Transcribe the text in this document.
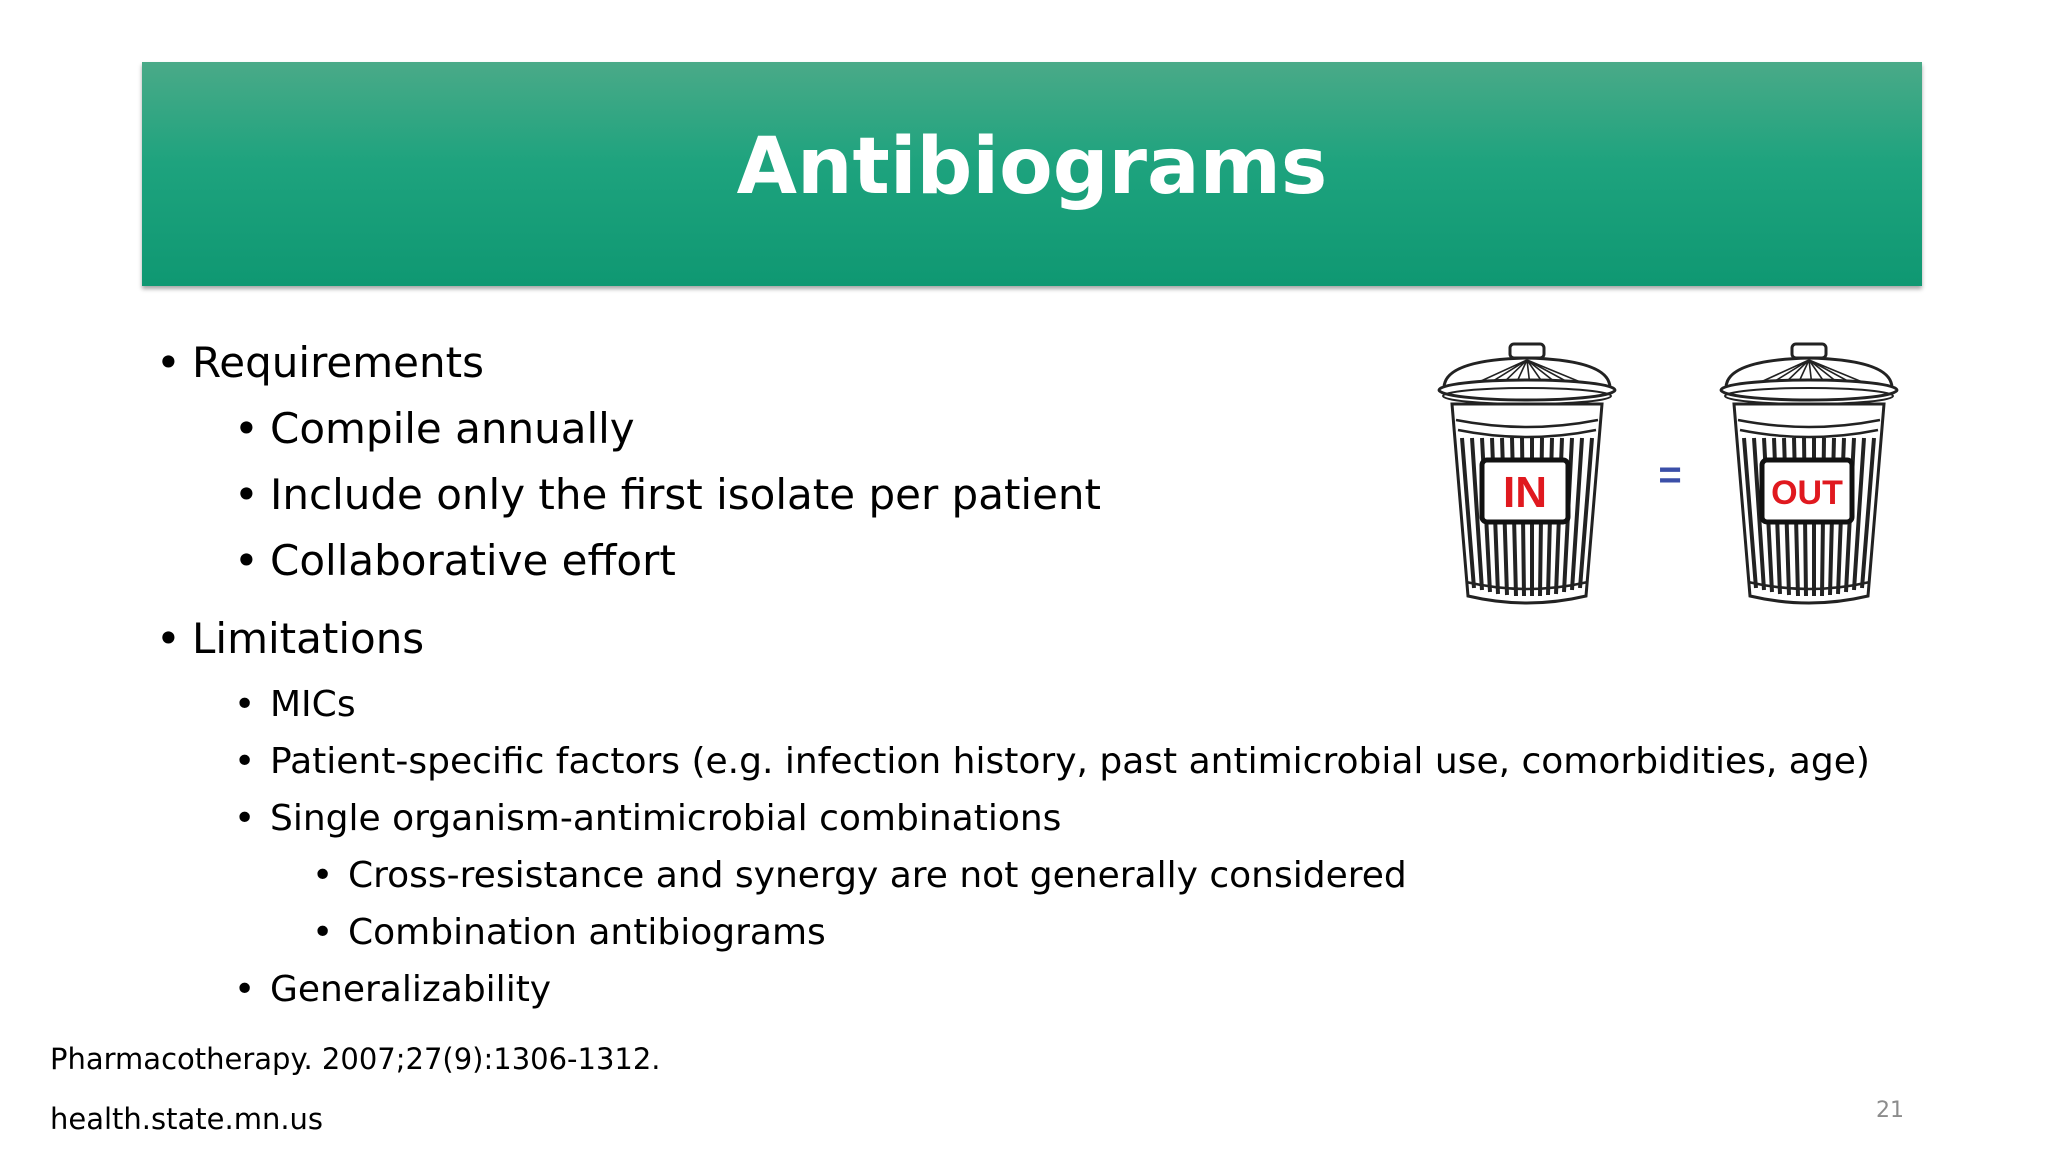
Antibiograms
• Requirements
• Compile annually
• Include only the first isolate per patient
• Collaborative effort
• Limitations
• MICs
• Patient-specific factors (e.g. infection history, past antimicrobial use, comorbidities, age)
• Single organism-antimicrobial combinations
• Cross-resistance and synergy are not generally considered
• Combination antibiograms
• Generalizability
IN	=	OUT
Pharmacotherapy. 2007;27(9):1306-1312.
health.state.mn.us	21
